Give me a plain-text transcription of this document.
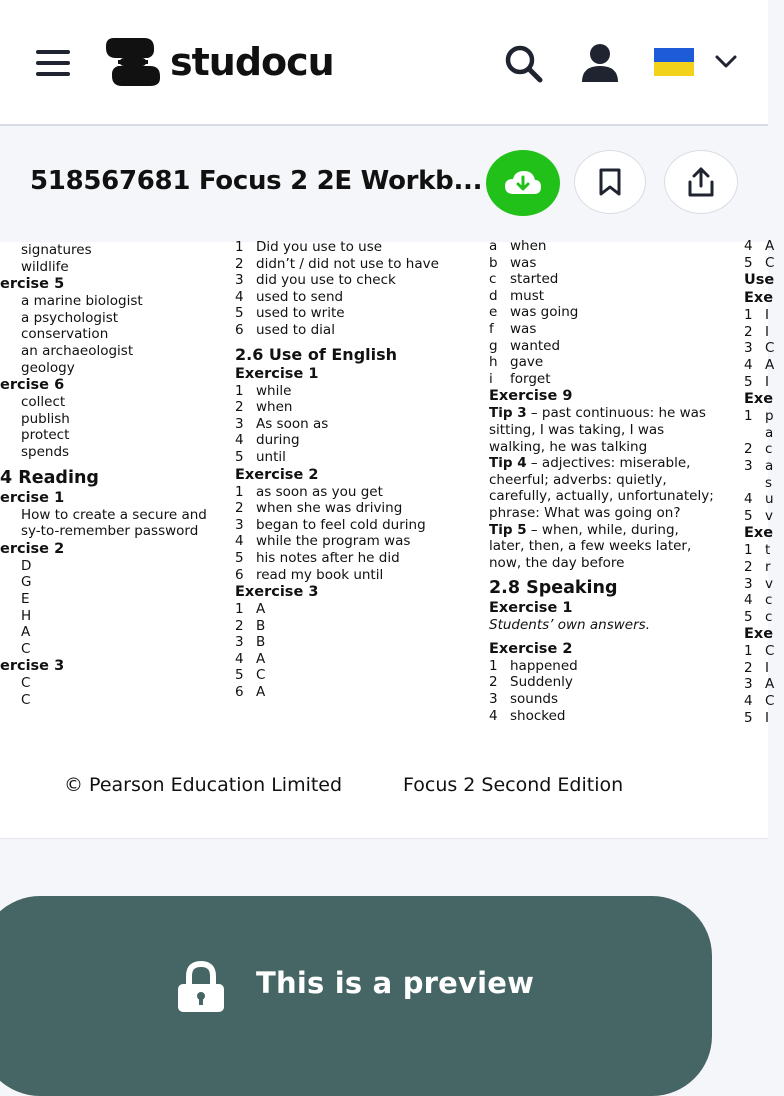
studocu
518567681 Focus 2 2E Workb...
signatures
wildlife
ercise 5
a marine biologist
a psychologist
conservation
an archaeologist
geology
ercise 6
collect
publish
protect
spends
4 Reading
ercise 1
How to create a secure and
sy-to-remember password
ercise 2
D
G
E
H
A
C
ercise 3
C
C
1 Did you use to use
2 didn’t / did not use to have
3 did you use to check
4 used to send
5 used to write
6 used to dial
2.6 Use of English
Exercise 1
1 while
2 when
3 As soon as
4 during
5 until
Exercise 2
1 as soon as you get
2 when she was driving
3 began to feel cold during
4 while the program was
5 his notes after he did
6 read my book until
Exercise 3
1 A
2 B
3 B
4 A
5 C
6 A
a when
b was
c	started
d must
e was going
f	was
g wanted
h gave
i	forget
Exercise 9
Tip 3 – past continuous: he was
sitting, I was taking, I was
walking, he was talking
Tip 4 – adjectives: miserable,
cheerful; adverbs: quietly,
carefully, actually, unfortunately;
phrase: What was going on?
Tip 5 – when, while, during,
later, then, a few weeks later,
now, the day before
2.8 Speaking
Exercise 1
Students’ own answers.
Exercise 2
1 happened
2 Suddenly
3 sounds
4 shocked
4 A
5 C
Use
Exe
1 I
2 I
3 C
4 A
5 I
Exe
1 p
a
2 c
3 a
s
4 u
5 v
Exe
1 t
2 r
3 v
4 c
5 c
Exe
1 C
2 I
3 A
4 C
5 I
© Pearson Education Limited	Focus 2 Second Edition
This is a preview
